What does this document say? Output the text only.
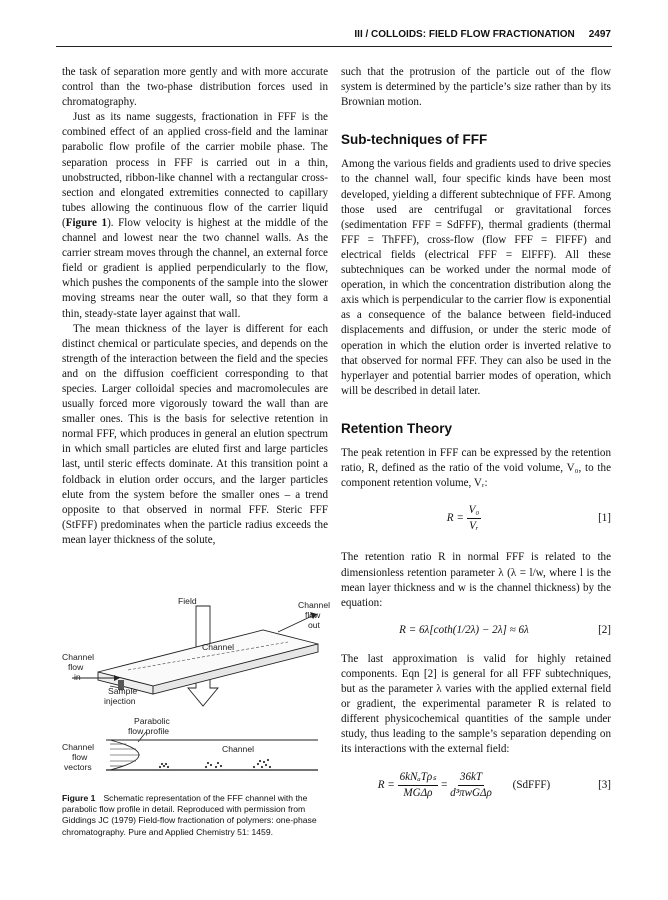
III / COLLOIDS: FIELD FLOW FRACTIONATION 2497

the task of separation more gently and with more accurate control than the two-phase distribution forces used in chromatography.

Just as its name suggests, fractionation in FFF is the combined effect of an applied cross-field and the laminar parabolic flow profile of the carrier mobile phase. The separation process in FFF is carried out in a thin, unobstructed, ribbon-like channel with a rectangular cross-section and elongated extremities connected to capillary tubes allowing the continuous flow of the carrier liquid (Figure 1). Flow velocity is highest at the middle of the channel and lowest near the two channel walls. As the carrier stream moves through the channel, an external force field or gradient is applied perpendicularly to the flow, which pushes the components of the sample into the slower moving streams near the outer wall, so that they form a thin, steady-state layer against that wall.

The mean thickness of the layer is different for each distinct chemical or particulate species, and depends on the strength of the interaction between the field and the species and on the diffusion coefficient corresponding to that species. Larger colloidal species and macromolecules are usually forced more vigorously toward the wall than are smaller ones. This is the basis for selective retention in normal FFF, which produces in general an elution spectrum in which small particles are eluted first and large particles last, until steric effects dominate. At this transition point a foldback in elution order occurs, and the larger particles elute from the system before the smaller ones – a trend opposite to that observed in normal FFF. Steric FFF (StFFF) predominates when the particle radius exceeds the mean layer thickness of the solute,

Field	Channel
flow
out
Channel
Channel
flow
in
Sample
injection
Parabolic
flow profile
Channel
flow
vectors
Channel
Figure 1 Schematic representation of the FFF channel with the parabolic flow profile in detail. Reproduced with permission from Giddings JC (1979) Field-flow fractionation of polymers: one-phase chromatography. Pure and Applied Chemistry 51: 1459.

such that the protrusion of the particle out of the flow system is determined by the particle’s size rather than by its Brownian motion.

Sub-techniques of FFF

Among the various fields and gradients used to drive species to the channel wall, four specific kinds have been most developed, yielding a different subtechnique of FFF. Among those used are centrifugal or gravitational forces (sedimentation FFF = SdFFF), thermal gradients (thermal FFF = ThFFF), cross-flow (flow FFF = FlFFF) and electrical fields (electrical FFF = ElFFF). All these subtechniques can be worked under the normal mode of operation, in which the concentration distribution along the axis which is perpendicular to the carrier flow is exponential as a consequence of the balance between field-induced displacements and diffusion, or under the steric mode of operation in which the elution order is inverted relative to that observed for normal FFF. They can also be used in the hyperlayer and potential barrier modes of operation, which will be described in detail later.

Retention Theory

The peak retention in FFF can be expressed by the retention ratio, R, defined as the ratio of the void volume, V₀, to the component retention volume, Vᵣ:

$R = \frac{\text{V₀}}{\text{Vᵣ}}$	[1]

The retention ratio R in normal FFF is related to the dimensionless retention parameter λ (λ = l/w, where l is the mean layer thickness and w is the channel thickness) by the equation:

R = 6λ[coth(1/2λ) − 2λ] ≈ 6λ	[2]

The last approximation is valid for highly retained components. Eqn [2] is general for all FFF subtechniques, but as the parameter λ varies with the applied external field or gradient, the experimental parameter R is related to different physicochemical quantities of the sample under study, thus leading to the sample’s separation depending on its interactions with the external field:

$R = \frac{\text{6kNₐTρₛ}}{\text{MGΔρ}} = \frac{36kT}{\text{d³πwGΔρ}}$ (SdFFF)	[3]
